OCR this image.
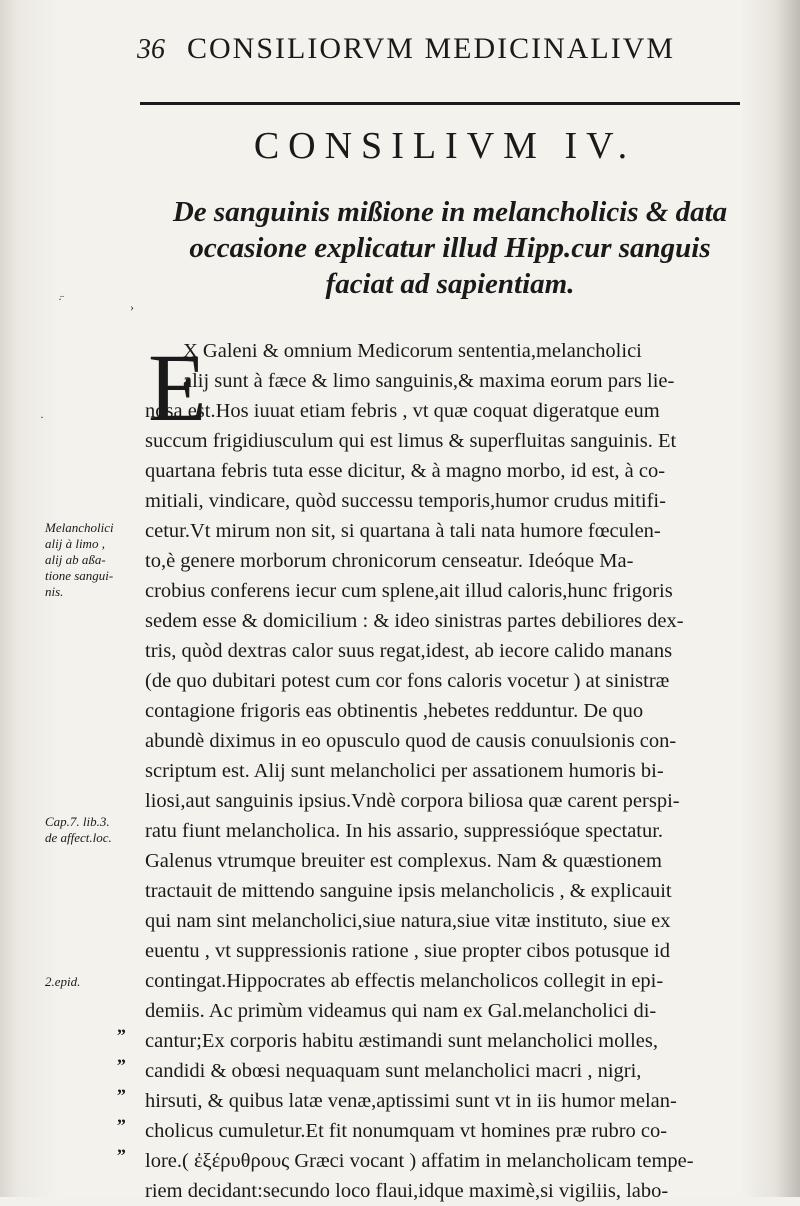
36 CONSILIORVM MEDICINALIVM
CONSILIVM IV.
De sanguinis mißione in melancholicis & data
occasione explicatur illud Hipp.cur sanguis
faciat ad sapientiam.
·̈
›
· E
X Galeni & omnium Medicorum sententia,melancholici
alij sunt à fæce & limo sanguinis,& maxima eorum pars lie-
nosa est.Hos iuuat etiam febris , vt quæ coquat digeratque eum
succum frigidiusculum qui est limus & superfluitas sanguinis. Et
quartana febris tuta esse dicitur, & à magno morbo, id est, à co-
mitiali, vindicare, quòd successu temporis,humor crudus mitifi-
cetur.Vt mirum non sit, si quartana à tali nata humore fœculen-
to,è genere morborum chronicorum censeatur. Ideóque Ma-
crobius conferens iecur cum splene,ait illud caloris,hunc frigoris
sedem esse & domicilium : & ideo sinistras partes debiliores dex-
tris, quòd dextras calor suus regat,idest, ab iecore calido manans
(de quo dubitari potest cum cor fons caloris vocetur ) at sinistræ
contagione frigoris eas obtinentis ,hebetes redduntur. De quo
abundè diximus in eo opusculo quod de causis conuulsionis con-
scriptum est. Alij sunt melancholici per assationem humoris bi-
liosi,aut sanguinis ipsius.Vndè corpora biliosa quæ carent perspi-
ratu fiunt melancholica. In his assario, suppressióque spectatur.
Galenus vtrumque breuiter est complexus. Nam & quæstionem
tractauit de mittendo sanguine ipsis melancholicis , & explicauit
qui nam sint melancholici,siue natura,siue vitæ instituto, siue ex
euentu , vt suppressionis ratione , siue propter cibos potusque id
contingat.Hippocrates ab effectis melancholicos collegit in epi-
demiis. Ac primùm videamus qui nam ex Gal.melancholici di-
cantur;Ex corporis habitu æstimandi sunt melancholici molles,
candidi & obœsi nequaquam sunt melancholici macri , nigri,
hirsuti, & quibus latæ venæ,aptissimi sunt vt in iis humor melan-
cholicus cumuletur.Et fit nonumquam vt homines præ rubro co-
lore.( ἐξέρυθρους Græci vocant ) affatim in melancholicam tempe-
riem decidant:secundo loco flaui,idque maximè,si vigiliis, labo-
Melancholici
alij à limo ,
alij ab aßa-
tione sangui-
nis.
Cap.7. lib.3.
de affect.loc.
2.epid.
„
„
„
„
„
